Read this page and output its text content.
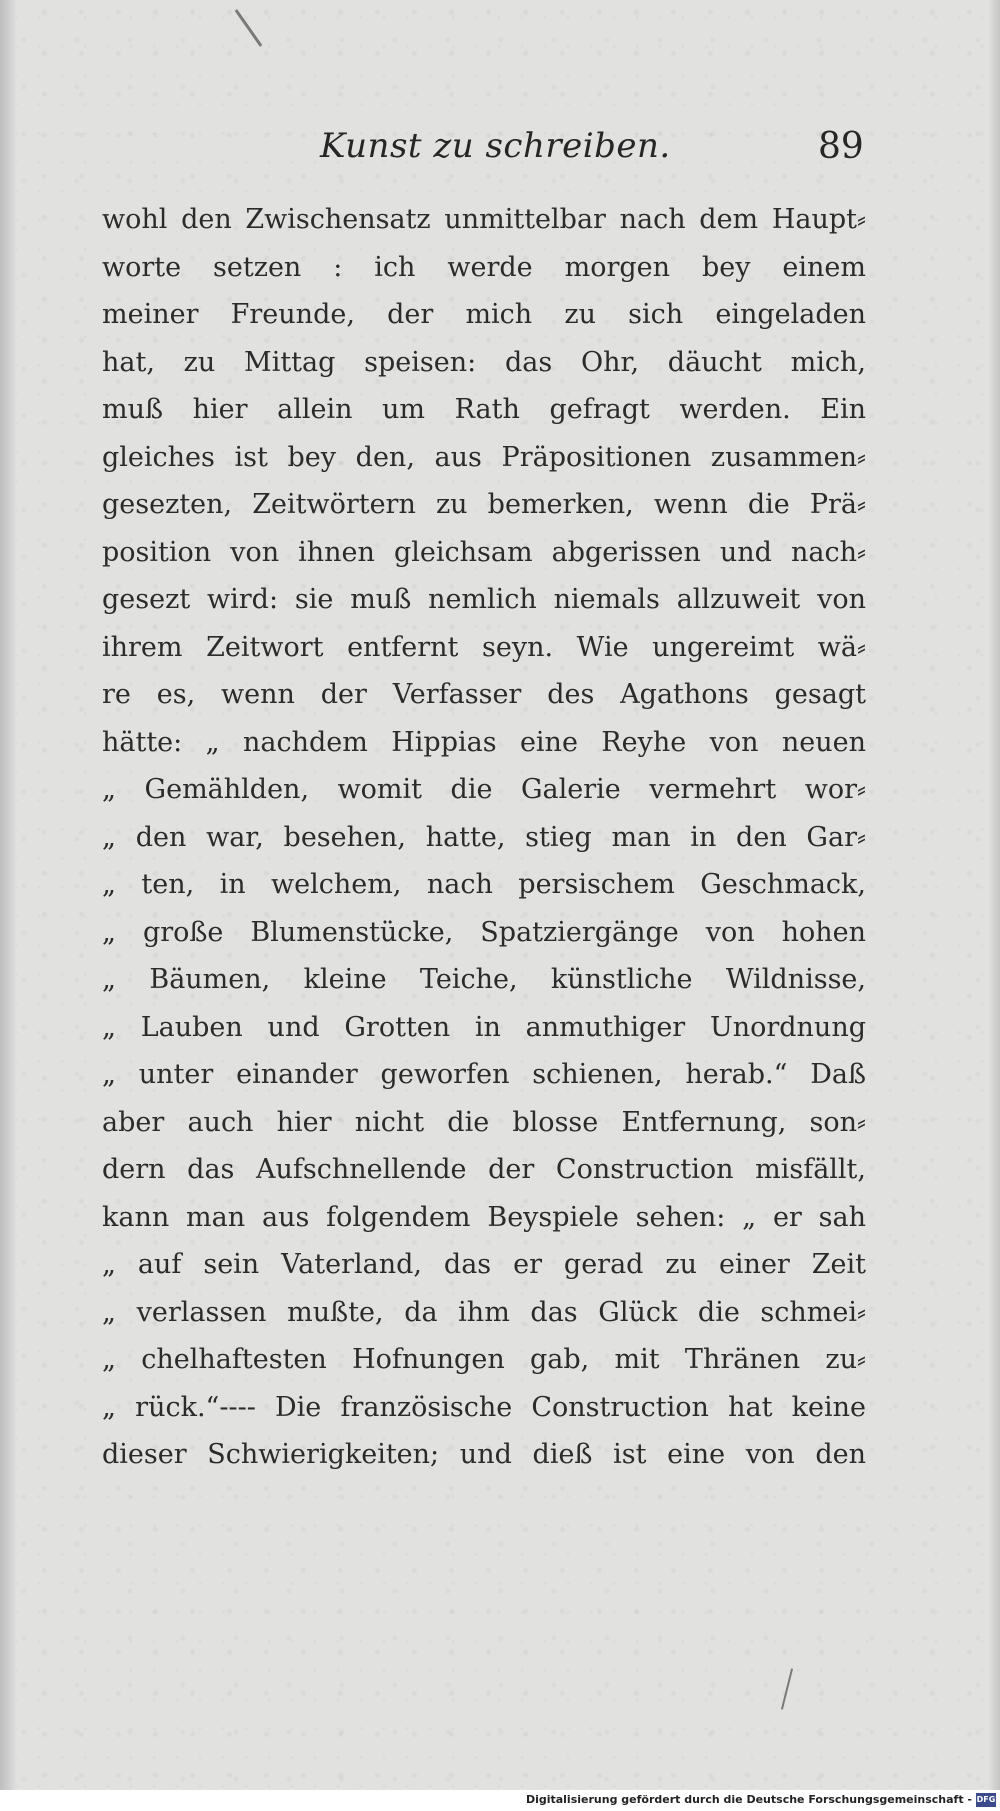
Kunst zu schreiben.	89
wohl den Zwischensatz unmittelbar nach dem Haupt⸗
worte setzen : ich werde morgen bey einem
meiner Freunde, der mich zu sich eingeladen
hat, zu Mittag speisen: das Ohr, däucht mich,
muß hier allein um Rath gefragt werden. Ein
gleiches ist bey den, aus Präpositionen zusammen⸗
gesezten, Zeitwörtern zu bemerken, wenn die Prä⸗
position von ihnen gleichsam abgerissen und nach⸗
gesezt wird: sie muß nemlich niemals allzuweit von
ihrem Zeitwort entfernt seyn. Wie ungereimt wä⸗
re es, wenn der Verfasser des Agathons gesagt
hätte: „ nachdem Hippias eine Reyhe von neuen
„ Gemählden, womit die Galerie vermehrt wor⸗
„ den war, besehen, hatte, stieg man in den Gar⸗
„ ten, in welchem, nach persischem Geschmack,
„ große Blumenstücke, Spatziergänge von hohen
„ Bäumen, kleine Teiche, künstliche Wildnisse,
„ Lauben und Grotten in anmuthiger Unordnung
„ unter einander geworfen schienen, herab.“ Daß
aber auch hier nicht die blosse Entfernung, son⸗
dern das Aufschnellende der Construction misfällt,
kann man aus folgendem Beyspiele sehen: „ er sah
„ auf sein Vaterland, das er gerad zu einer Zeit
„ verlassen mußte, da ihm das Glück die schmei⸗
„ chelhaftesten Hofnungen gab, mit Thränen zu⸗
„ rück.“---- Die französische Construction hat keine
dieser Schwierigkeiten; und dieß ist eine von den
Digitalisierung gefördert durch die Deutsche Forschungsgemeinschaft - DFG
